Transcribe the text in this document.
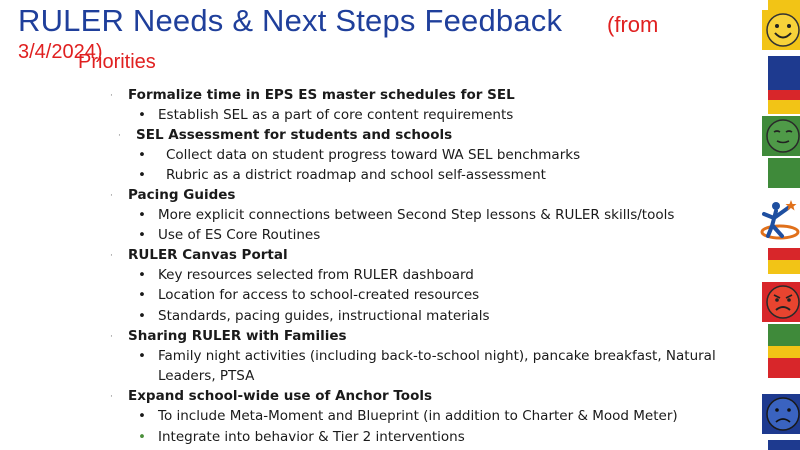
RULER Needs & Next Steps Feedback (from
3/4/2024)
Priorities
· Formalize time in EPS ES master schedules for SEL
• Establish SEL as a part of core content requirements
· SEL Assessment for students and schools
• Collect data on student progress toward WA SEL benchmarks
• Rubric as a district roadmap and school self-assessment
· Pacing Guides
• More explicit connections between Second Step lessons & RULER skills/tools
• Use of ES Core Routines
· RULER Canvas Portal
• Key resources selected from RULER dashboard
• Location for access to school-created resources
• Standards, pacing guides, instructional materials
· Sharing RULER with Families
• Family night activities (including back-to-school night), pancake breakfast, Natural
Leaders, PTSA
· Expand school-wide use of Anchor Tools
• To include Meta-Moment and Blueprint (in addition to Charter & Mood Meter)
• Integrate into behavior & Tier 2 interventions
